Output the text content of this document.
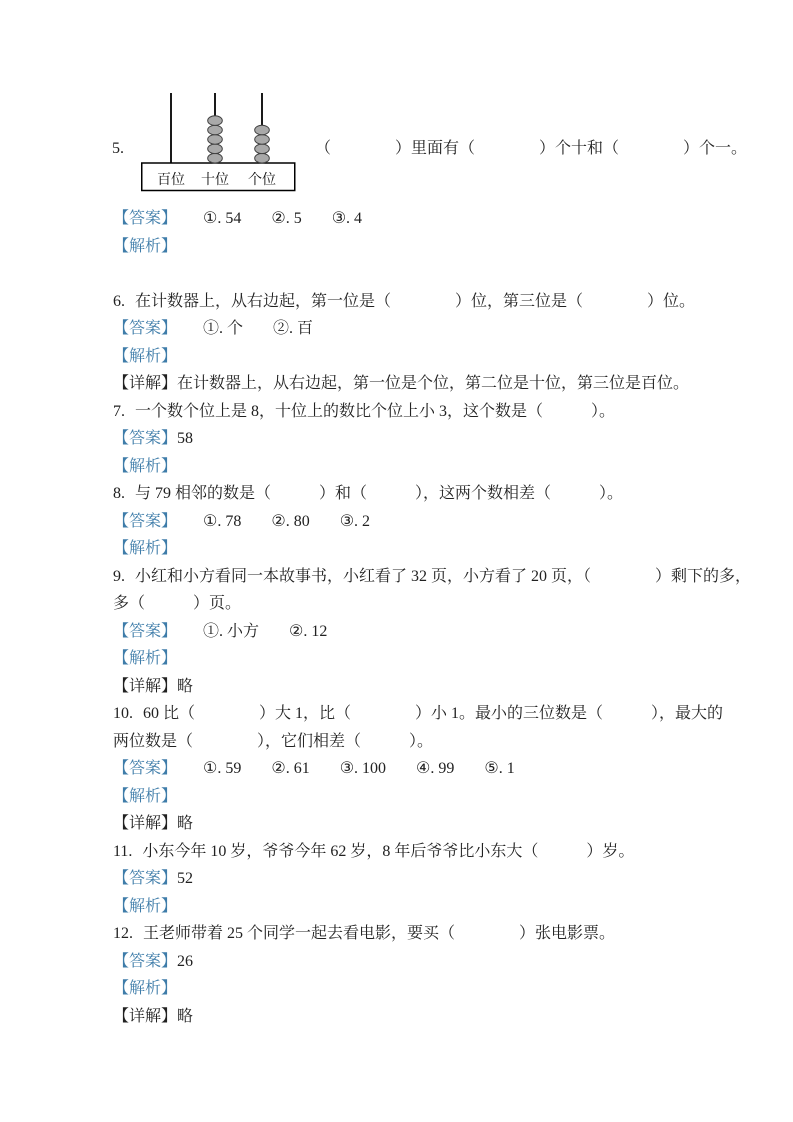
5.
百位 十位 个位
（　　　　）里面有（　　　　）个十和（　　　　）个一。
【答案】 ①. 54 ②. 5 ③. 4
【解析】
6. 在计数器上，从右边起，第一位是（　　　　）位，第三位是（　　　　）位。
【答案】 ①. 个 ②. 百
【解析】
【详解】在计数器上，从右边起，第一位是个位，第二位是十位，第三位是百位。
7. 一个数个位上是 8，十位上的数比个位上小 3，这个数是（　　　）。
【答案】58
【解析】
8. 与 79 相邻的数是（　　　）和（　　　），这两个数相差（　　　）。
【答案】 ①. 78 ②. 80 ③. 2
【解析】
9. 小红和小方看同一本故事书，小红看了 32 页，小方看了 20 页，（　　　　）剩下的多，
多（　　　）页。
【答案】 ①. 小方 ②. 12
【解析】
【详解】略
10. 60 比（　　　　）大 1，比（　　　　）小 1。最小的三位数是（　　　），最大的
两位数是（　　　　），它们相差（　　　）。
【答案】 ①. 59 ②. 61 ③. 100 ④. 99 ⑤. 1
【解析】
【详解】略
11. 小东今年 10 岁，爷爷今年 62 岁，8 年后爷爷比小东大（　　　）岁。
【答案】52
【解析】
12. 王老师带着 25 个同学一起去看电影，要买（　　　　）张电影票。
【答案】26
【解析】
【详解】略
